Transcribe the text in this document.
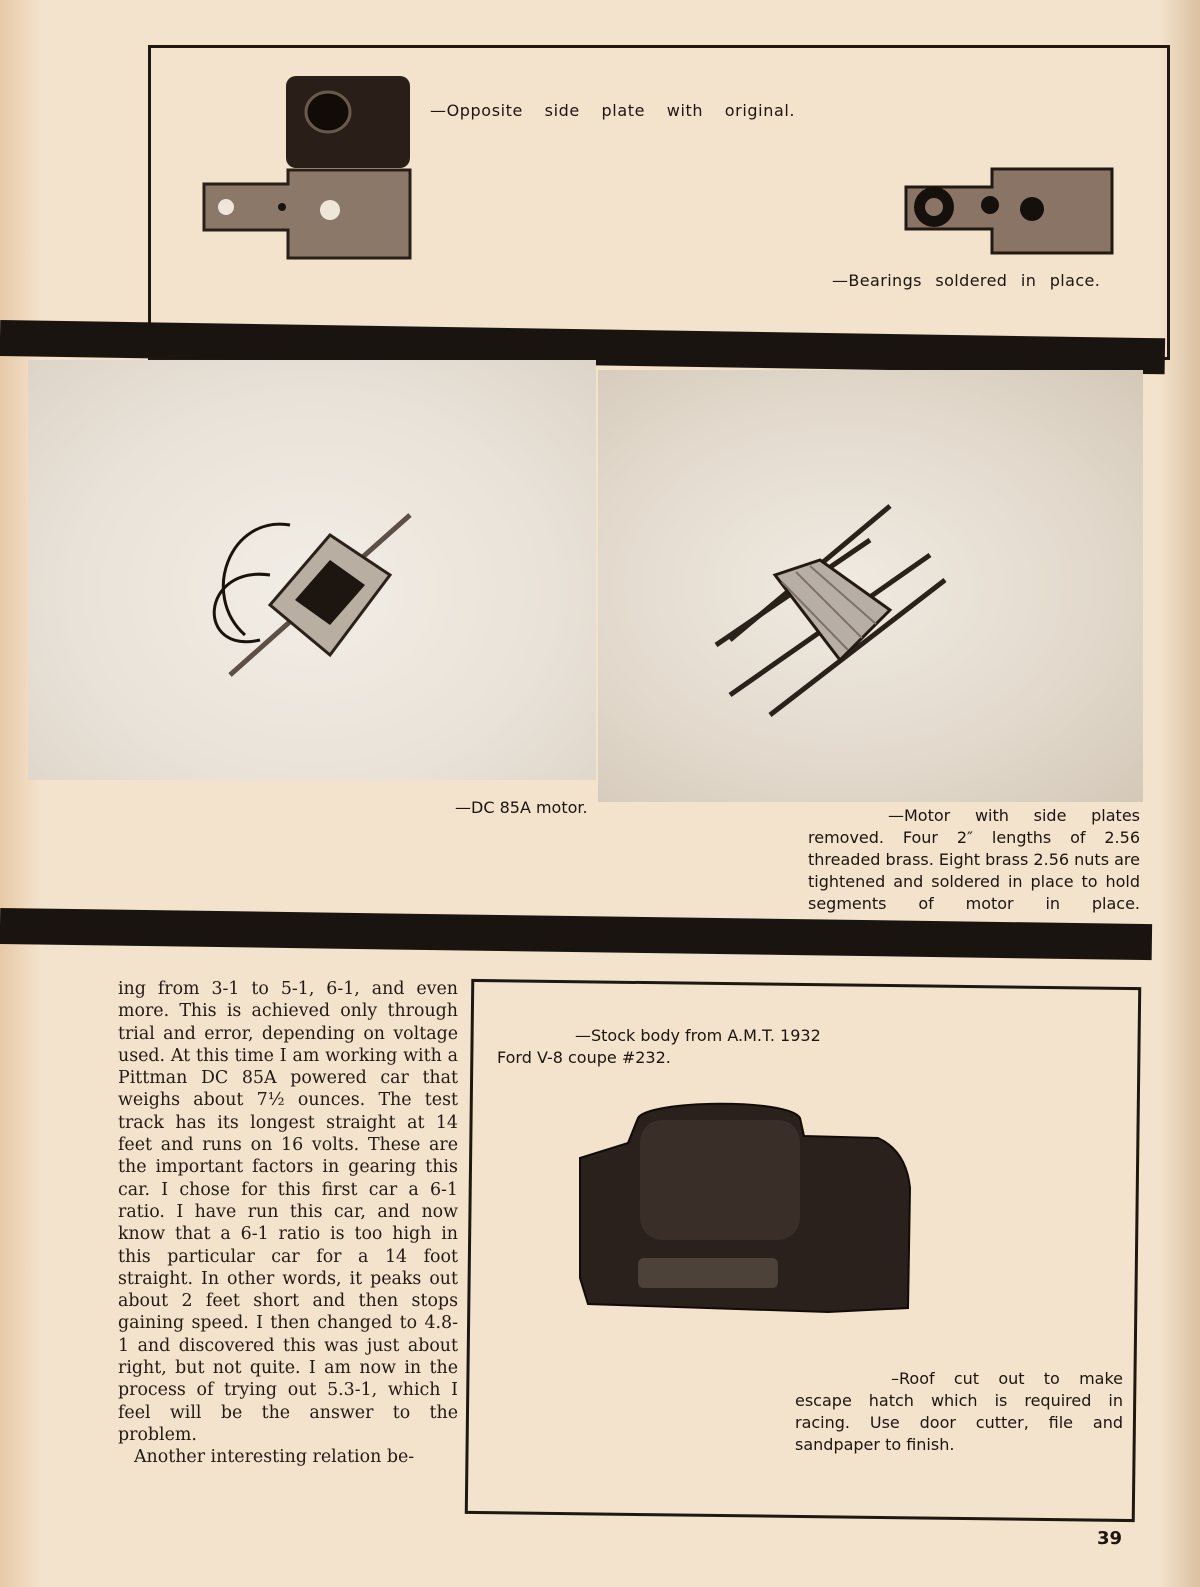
—Opposite side plate with original.
—Bearings soldered in place.
—DC 85A motor.	—Motor with side plates removed. Four 2″ lengths of 2.56 threaded brass. Eight brass 2.56 nuts are tightened and soldered in place to hold segments of motor in place.

ing from 3-1 to 5-1, 6-1, and even more. This is achieved only through trial and error, depending on voltage used. At this time I am working with a Pittman DC 85A powered car that weighs about 7½ ounces. The test track has its longest straight at 14 feet and runs on 16 volts. These are the important factors in gearing this car. I chose for this first car a 6-1 ratio. I have run this car, and now know that a 6-1 ratio is too high in this particular car for a 14 foot straight. In other words, it peaks out about 2 feet short and then stops gaining speed. I then changed to 4.8-1 and discovered this was just about right, but not quite. I am now in the process of trying out 5.3-1, which I feel will be the answer to the problem.

Another interesting relation be-

—Stock body from A.M.T. 1932 Ford V-8 coupe #232.
–Roof cut out to make escape hatch which is required in racing. Use door cutter, file and sandpaper to finish.
39
